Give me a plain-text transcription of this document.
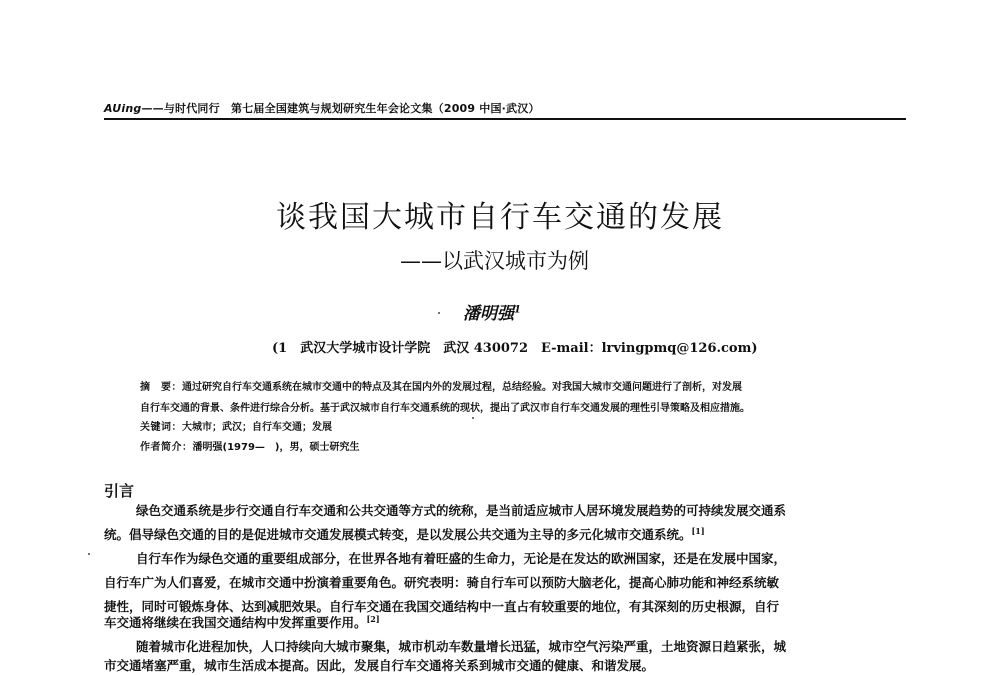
AUing——与时代同行　第七届全国建筑与规划研究生年会论文集（2009 中国·武汉）
谈我国大城市自行车交通的发展
——以武汉城市为例
潘明强$^1$
(1　武汉大学城市设计学院　武汉 430072　E-mail：lrvingpmq@126.com)
摘　要：通过研究自行车交通系统在城市交通中的特点及其在国内外的发展过程，总结经验。对我国大城市交通问题进行了剖析，对发展
自行车交通的背景、条件进行综合分析。基于武汉城市自行车交通系统的现状，提出了武汉市自行车交通发展的理性引导策略及相应措施。
关键词：大城市；武汉；自行车交通；发展
作者简介：潘明强(1979—　)，男，硕士研究生
引言
绿色交通系统是步行交通自行车交通和公共交通等方式的统称，是当前适应城市人居环境发展趋势的可持续发展交通系
统。倡导绿色交通的目的是促进城市交通发展模式转变，是以发展公共交通为主导的多元化城市交通系统。[1]
自行车作为绿色交通的重要组成部分，在世界各地有着旺盛的生命力，无论是在发达的欧洲国家，还是在发展中国家，
自行车广为人们喜爱，在城市交通中扮演着重要角色。研究表明：骑自行车可以预防大脑老化，提高心肺功能和神经系统敏
捷性，同时可锻炼身体、达到减肥效果。自行车交通在我国交通结构中一直占有较重要的地位，有其深刻的历史根源，自行
车交通将继续在我国交通结构中发挥重要作用。[2]
随着城市化进程加快，人口持续向大城市聚集，城市机动车数量增长迅猛，城市空气污染严重，土地资源日趋紧张，城
市交通堵塞严重，城市生活成本提高。因此，发展自行车交通将关系到城市交通的健康、和谐发展。
